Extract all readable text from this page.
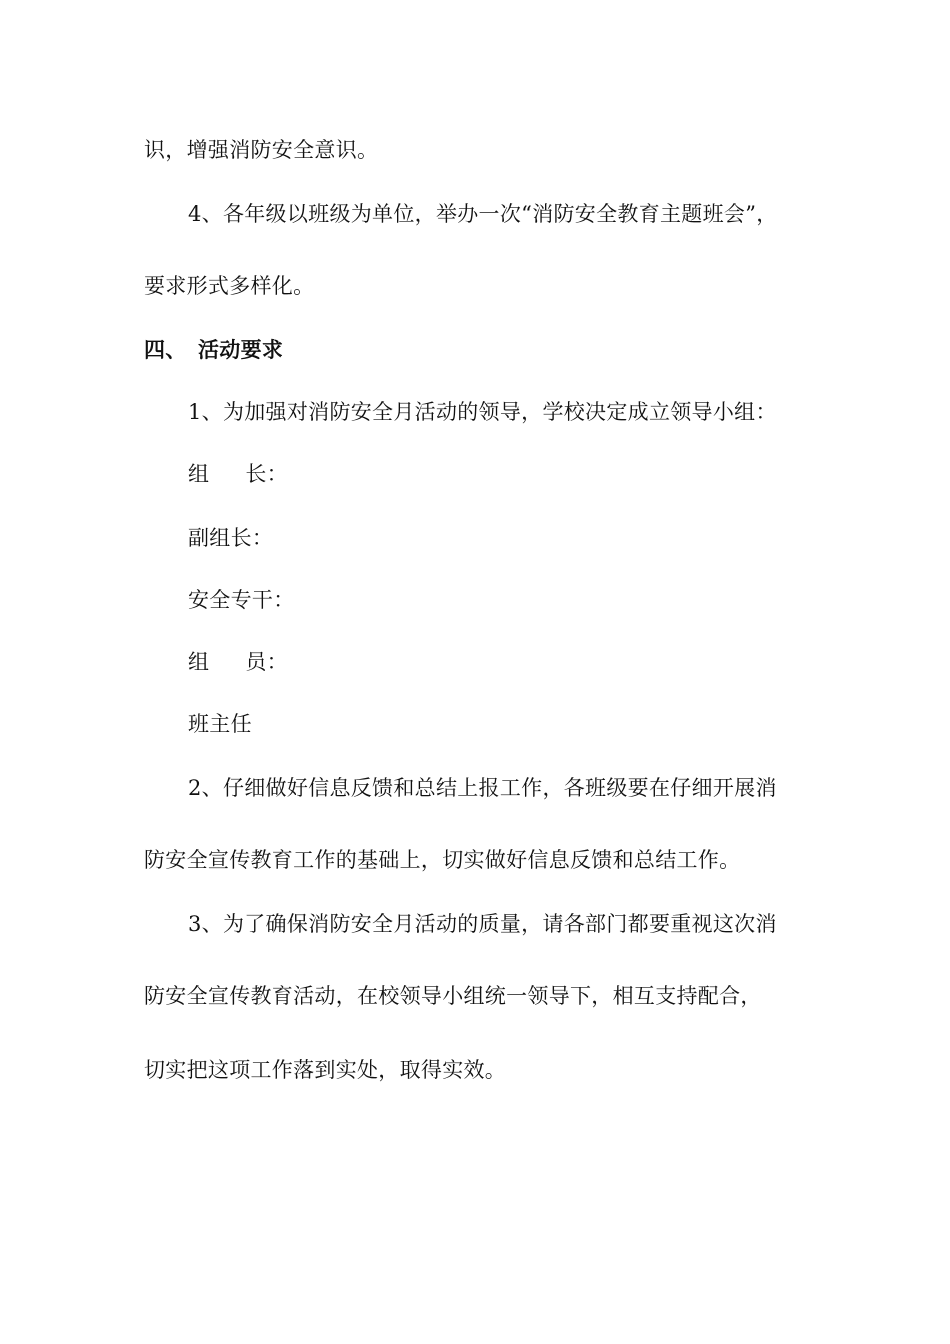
识，增强消防安全意识。
4、各年级以班级为单位，举办一次“消防安全教育主题班会”，
要求形式多样化。
四、 活动要求
1、为加强对消防安全月活动的领导，学校决定成立领导小组：
组 长：
副组长：
安全专干：
组 员：
班主任
2、仔细做好信息反馈和总结上报工作，各班级要在仔细开展消
防安全宣传教育工作的基础上，切实做好信息反馈和总结工作。
3、为了确保消防安全月活动的质量，请各部门都要重视这次消
防安全宣传教育活动，在校领导小组统一领导下，相互支持配合，
切实把这项工作落到实处，取得实效。
